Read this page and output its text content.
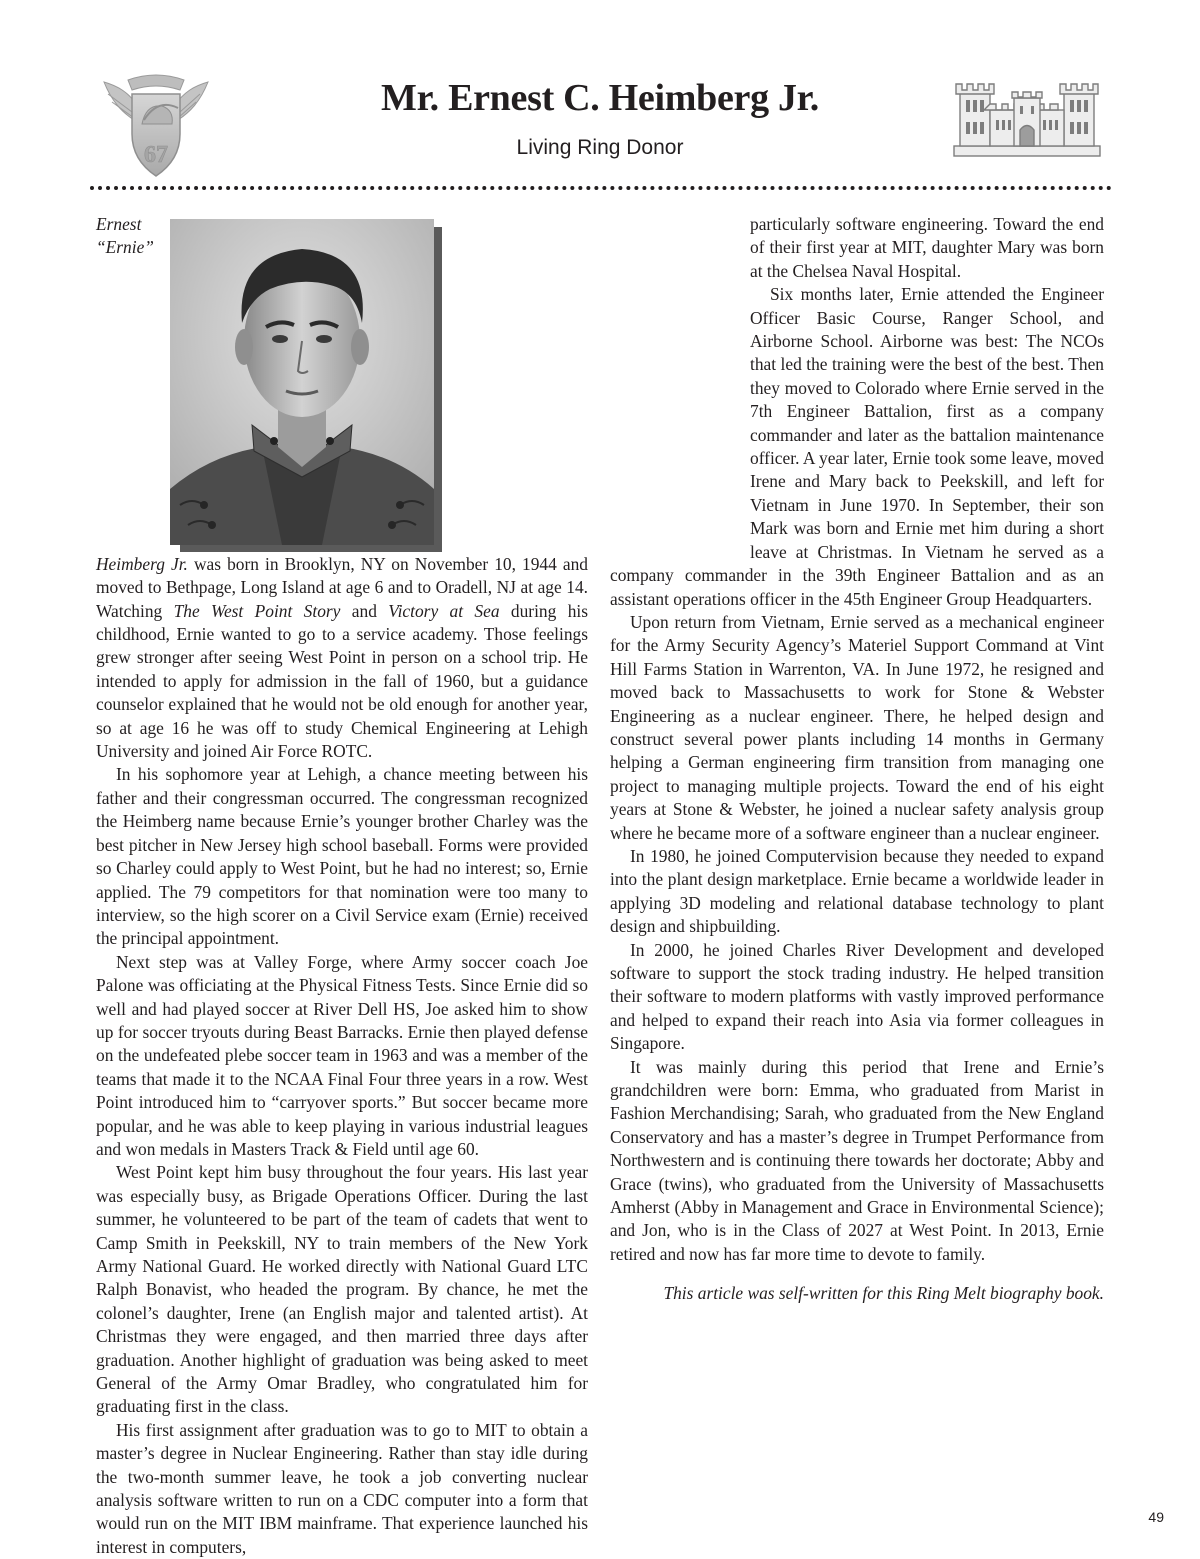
67
Mr. Ernest C. Heimberg Jr.

Living Ring Donor

Ernest “Ernie” Heimberg Jr. was born in Brooklyn, NY on November 10, 1944 and moved to Bethpage, Long Island at age 6 and to Oradell, NJ at age 14. Watching The West Point Story and Victory at Sea during his childhood, Ernie wanted to go to a service academy. Those feelings grew stronger after seeing West Point in person on a school trip. He intended to apply for admission in the fall of 1960, but a guidance counselor explained that he would not be old enough for another year, so at age 16 he was off to study Chemical Engineering at Lehigh University and joined Air Force ROTC.

In his sophomore year at Lehigh, a chance meeting between his father and their congressman occurred. The congressman recognized the Heimberg name because Ernie’s younger brother Charley was the best pitcher in New Jersey high school baseball. Forms were provided so Charley could apply to West Point, but he had no interest; so, Ernie applied. The 79 competitors for that nomination were too many to interview, so the high scorer on a Civil Service exam (Ernie) received the principal appointment.

Next step was at Valley Forge, where Army soccer coach Joe Palone was officiating at the Physical Fitness Tests. Since Ernie did so well and had played soccer at River Dell HS, Joe asked him to show up for soccer tryouts during Beast Barracks. Ernie then played defense on the undefeated plebe soccer team in 1963 and was a member of the teams that made it to the NCAA Final Four three years in a row. West Point introduced him to “carryover sports.” But soccer became more popular, and he was able to keep playing in various industrial leagues and won medals in Masters Track & Field until age 60.

West Point kept him busy throughout the four years. His last year was especially busy, as Brigade Operations Officer. During the last summer, he volunteered to be part of the team of cadets that went to Camp Smith in Peekskill, NY to train members of the New York Army National Guard. He worked directly with National Guard LTC Ralph Bonavist, who headed the program. By chance, he met the colonel’s daughter, Irene (an English major and talented artist). At Christmas they were engaged, and then married three days after graduation. Another highlight of graduation was being asked to meet General of the Army Omar Bradley, who congratulated him for graduating first in the class.

His first assignment after graduation was to go to MIT to obtain a master’s degree in Nuclear Engineering. Rather than stay idle during the two-month summer leave, he took a job converting nuclear analysis software written to run on a CDC computer into a form that would run on the MIT IBM mainframe. That experience launched his interest in computers,

particularly software engineering. Toward the end of their first year at MIT, daughter Mary was born at the Chelsea Naval Hospital.

Six months later, Ernie attended the Engineer Officer Basic Course, Ranger School, and Airborne School. Airborne was best: The NCOs that led the training were the best of the best. Then they moved to Colorado where Ernie served in the 7th Engineer Battalion, first as a company commander and later as the battalion maintenance officer. A year later, Ernie took some leave, moved Irene and Mary back to Peekskill, and left for Vietnam in June 1970. In September, their son Mark was born and Ernie met him during a short leave at Christmas. In Vietnam he served as a company commander in the 39th Engineer Battalion and as an assistant operations officer in the 45th Engineer Group Headquarters.

Upon return from Vietnam, Ernie served as a mechanical engineer for the Army Security Agency’s Materiel Support Command at Vint Hill Farms Station in Warrenton, VA. In June 1972, he resigned and moved back to Massachusetts to work for Stone & Webster Engineering as a nuclear engineer. There, he helped design and construct several power plants including 14 months in Germany helping a German engineering firm transition from managing one project to managing multiple projects. Toward the end of his eight years at Stone & Webster, he joined a nuclear safety analysis group where he became more of a software engineer than a nuclear engineer.

In 1980, he joined Computervision because they needed to expand into the plant design marketplace. Ernie became a worldwide leader in applying 3D modeling and relational database technology to plant design and shipbuilding.

In 2000, he joined Charles River Development and developed software to support the stock trading industry. He helped transition their software to modern platforms with vastly improved performance and helped to expand their reach into Asia via former colleagues in Singapore.

It was mainly during this period that Irene and Ernie’s grandchildren were born: Emma, who graduated from Marist in Fashion Merchandising; Sarah, who graduated from the New England Conservatory and has a master’s degree in Trumpet Performance from Northwestern and is continuing there towards her doctorate; Abby and Grace (twins), who graduated from the University of Massachusetts Amherst (Abby in Management and Grace in Environmental Science); and Jon, who is in the Class of 2027 at West Point. In 2013, Ernie retired and now has far more time to devote to family.

This article was self-written for this Ring Melt biography book.

49
